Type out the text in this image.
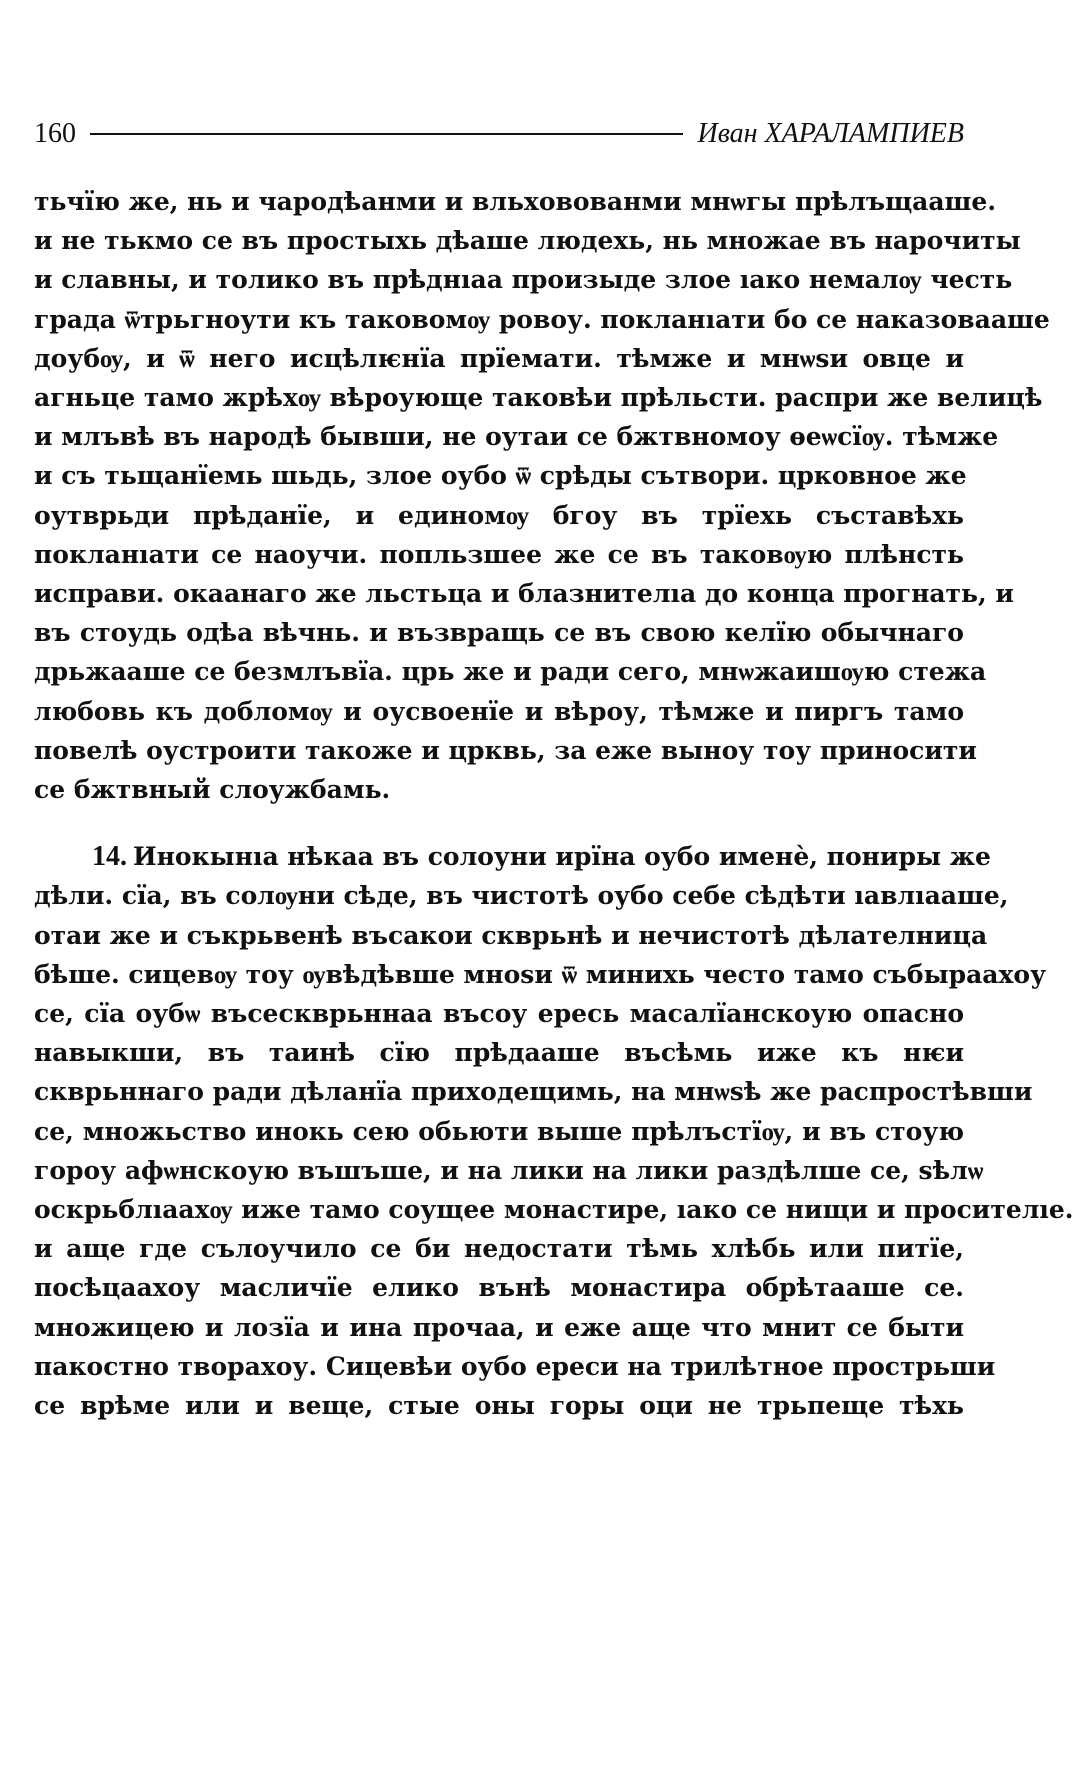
160	Иван ХАРАЛАМПИЕВ
тьчїю же, нь и чародѣанми и вльховованми мнѡгы прѣлъщааше.
и не тькмо се въ простыхь дѣаше людехь, нь множае въ нарочиты
и славны, и толико въ прѣднıаа произыде злое ıако немалѹ честь
града ѿтрьгноути къ таковомѹ ровоу. покланıати бо се наказоваaше
доубѹ, и ѿ него исцѣлѥнїа прїемати. тѣмже и мнѡѕи овце и
агньце тамо жрѣхѹ вѣроующе таковѣи прѣльсти. распри же велицѣ
и млъвѣ въ народѣ бывши, не оутаи се бжтвномоу ѳеѡсїѹ. тѣмже
и съ тьщанїемь шьдь, злое оубо ѿ срѣды сътвори. црковное же
оутврьди прѣданїе, и единомѹ бгоу въ трїехь съставѣхь
покланıати се наоучи. попльзшее же се въ таковѹю плѣнсть
исправи. окаанаго же льстьца и блазнителıа до конца прогнать, и
въ стоудь одѣа вѣчнь. и възвращь се въ свою кeлїю обычнаго
дрьжааше се безмлъвїа. црь же и ради сего, мнѡжаишѹю стежа
любовь къ добломѹ и оусвоенїе и вѣроу, тѣмже и пиргъ тамо
повелѣ оустроити такоже и црквь, за еже выноу тоу приносити
се бжтвный слоужбамь.
14. Инокынıа нѣкаа въ солоуни ирїна оубо именѐ, пониры же
дѣли. сїа, въ солѹни сѣде, въ чистотѣ оубо себе сѣдѣти ıавлıааше,
отаи же и съкрьвенѣ въсакои скврьнѣ и нечистотѣ дѣлателница
бѣше. сицевѹ тоу ѹвѣдѣвше мноѕи ѿ минихь често тамо събыраахоу
се, сїа оубѡ въсескврьннаа въсоу ересь масалїанскоую опасно
навыкши, въ таинѣ сїю прѣдааше въсѣмь иже къ нѥи
скврьннаго ради дѣланїа приходещимь, на мнѡѕѣ же распростѣвши
се, множьство инокь сею обьюти выше прѣлъстїѹ, и въ стоую
гороу афѡнскоую въшъше, и на лики на лики раздѣлше се, ѕѣлѡ
оскрьблıаахѹ иже тамо соущее монастире, ıако се нищи и просителıе.
и аще где сълоучило се би недостати тѣмь хлѣбь или питїе,
посѣцаахоу масличїе елико вънѣ монастира обрѣтааше се.
множицею и лозїа и ина прочаа, и еже аще что мнит се быти
пакостно творахоу. Сицевѣи оубо ереси на трилѣтное прострьши
се врѣме или и веще, стые оны горы оци не трьпеще тѣхь
